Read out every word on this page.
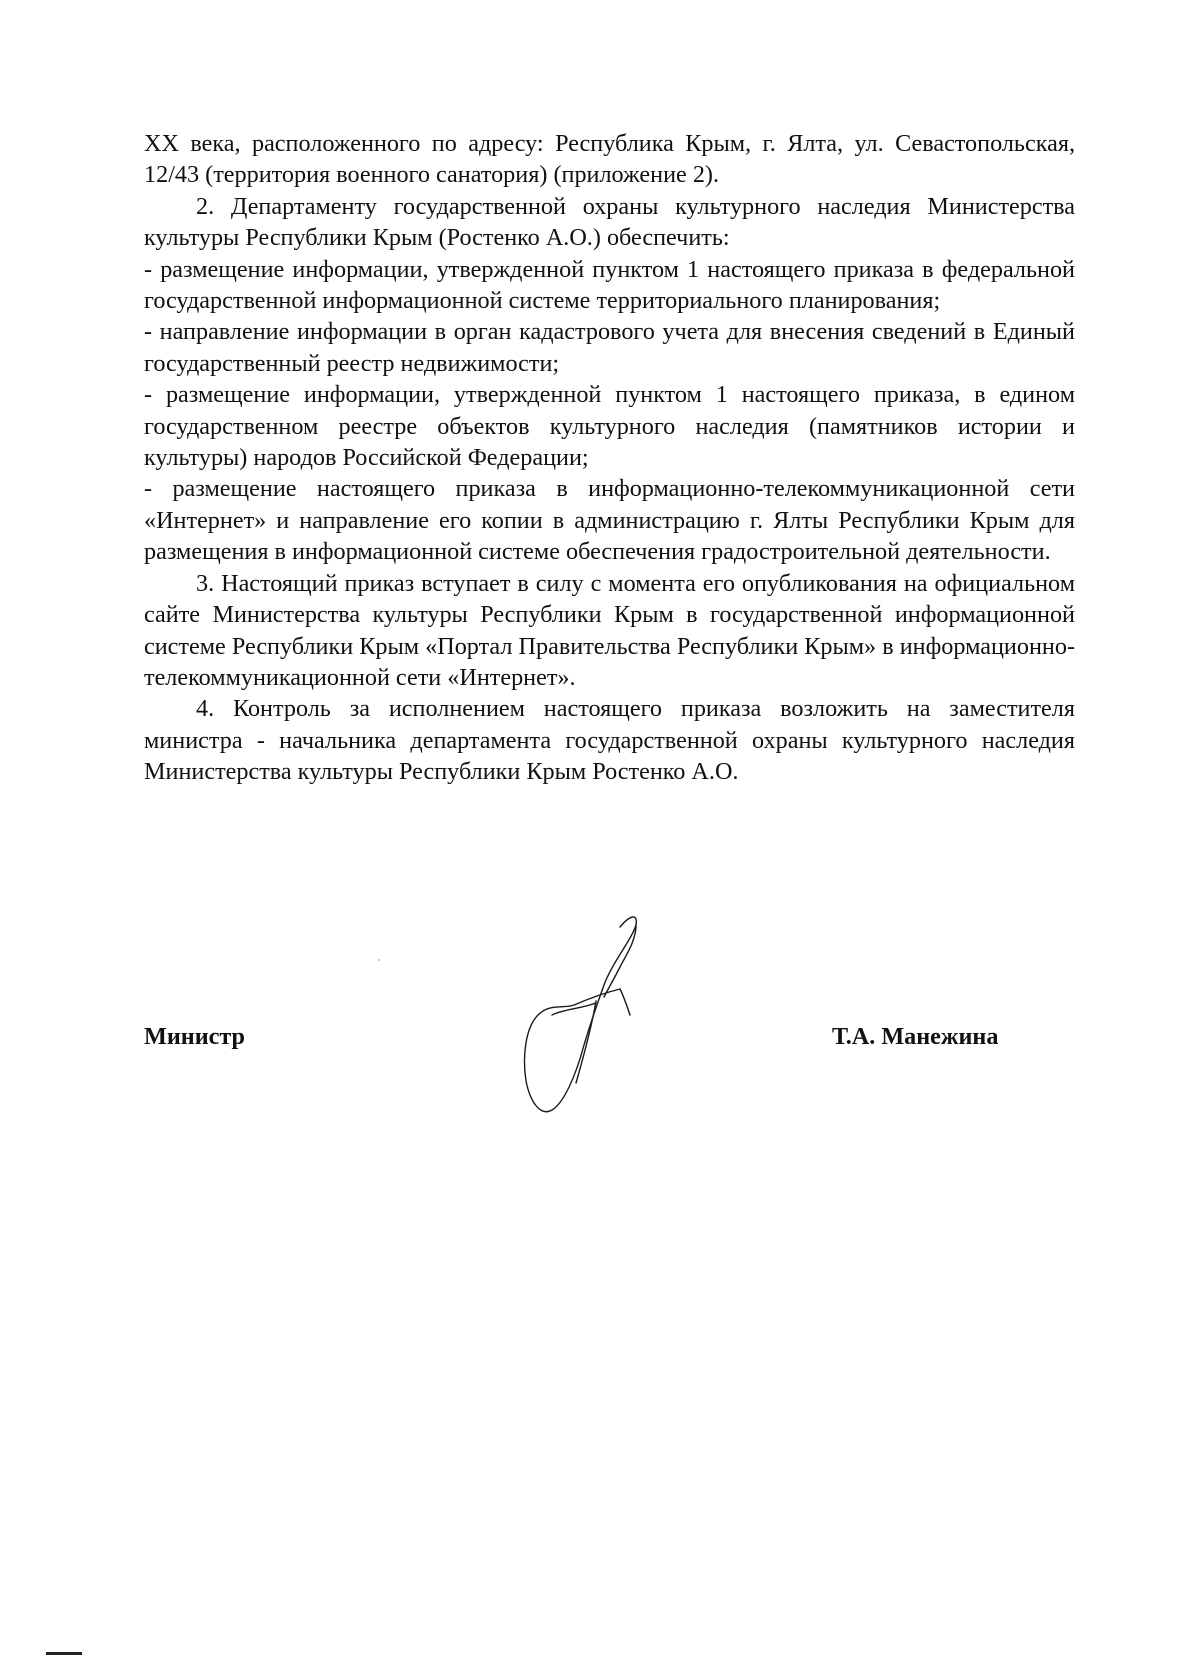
XX века, расположенного по адресу: Республика Крым, г. Ялта, ул. Севастопольская, 12/43 (территория военного санатория) (приложение 2).

2. Департаменту государственной охраны культурного наследия Министерства культуры Республики Крым (Ростенко А.О.) обеспечить:

- размещение информации, утвержденной пунктом 1 настоящего приказа в федеральной государственной информационной системе территориального планирования;

- направление информации в орган кадастрового учета для внесения сведений в Единый государственный реестр недвижимости;

- размещение информации, утвержденной пунктом 1 настоящего приказа, в едином государственном реестре объектов культурного наследия (памятников истории и культуры) народов Российской Федерации;

- размещение настоящего приказа в информационно-телекоммуникационной сети «Интернет» и направление его копии в администрацию г. Ялты Республики Крым для размещения в информационной системе обеспечения градостроительной деятельности.

3. Настоящий приказ вступает в силу с момента его опубликования на официальном сайте Министерства культуры Республики Крым в государственной информационной системе Республики Крым «Портал Правительства Республики Крым» в информационно-телекоммуникационной сети «Интернет».

4. Контроль за исполнением настоящего приказа возложить на заместителя министра - начальника департамента государственной охраны культурного наследия Министерства культуры Республики Крым Ростенко А.О.

Министр	Т.А. Манежина
